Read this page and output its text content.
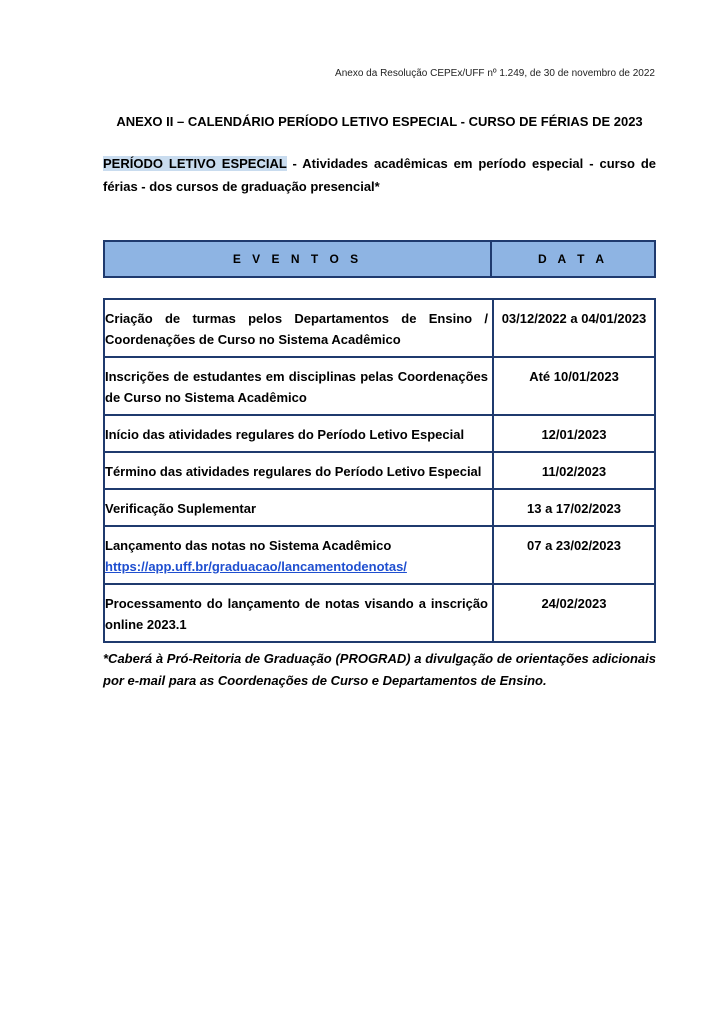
Anexo da Resolução CEPEx/UFF nº 1.249, de 30 de novembro de 2022
ANEXO II – CALENDÁRIO PERÍODO LETIVO ESPECIAL - CURSO DE FÉRIAS DE 2023
PERÍODO LETIVO ESPECIAL - Atividades acadêmicas em período especial - curso de férias - dos cursos de graduação presencial*
E V E N T O S	D A T A
Criação de turmas pelos Departamentos de Ensino / Coordenações de Curso no Sistema Acadêmico	03/12/2022 a 04/01/2023
Inscrições de estudantes em disciplinas pelas Coordenações de Curso no Sistema Acadêmico	Até 10/01/2023
Início das atividades regulares do Período Letivo Especial	12/01/2023
Término das atividades regulares do Período Letivo Especial	11/02/2023
Verificação Suplementar	13 a 17/02/2023
Lançamento das notas no Sistema Acadêmico
https://app.uff.br/graduacao/lancamentodenotas/	07 a 23/02/2023
Processamento do lançamento de notas visando a inscrição online 2023.1	24/02/2023
*Caberá à Pró-Reitoria de Graduação (PROGRAD) a divulgação de orientações adicionais por e-mail para as Coordenações de Curso e Departamentos de Ensino.
